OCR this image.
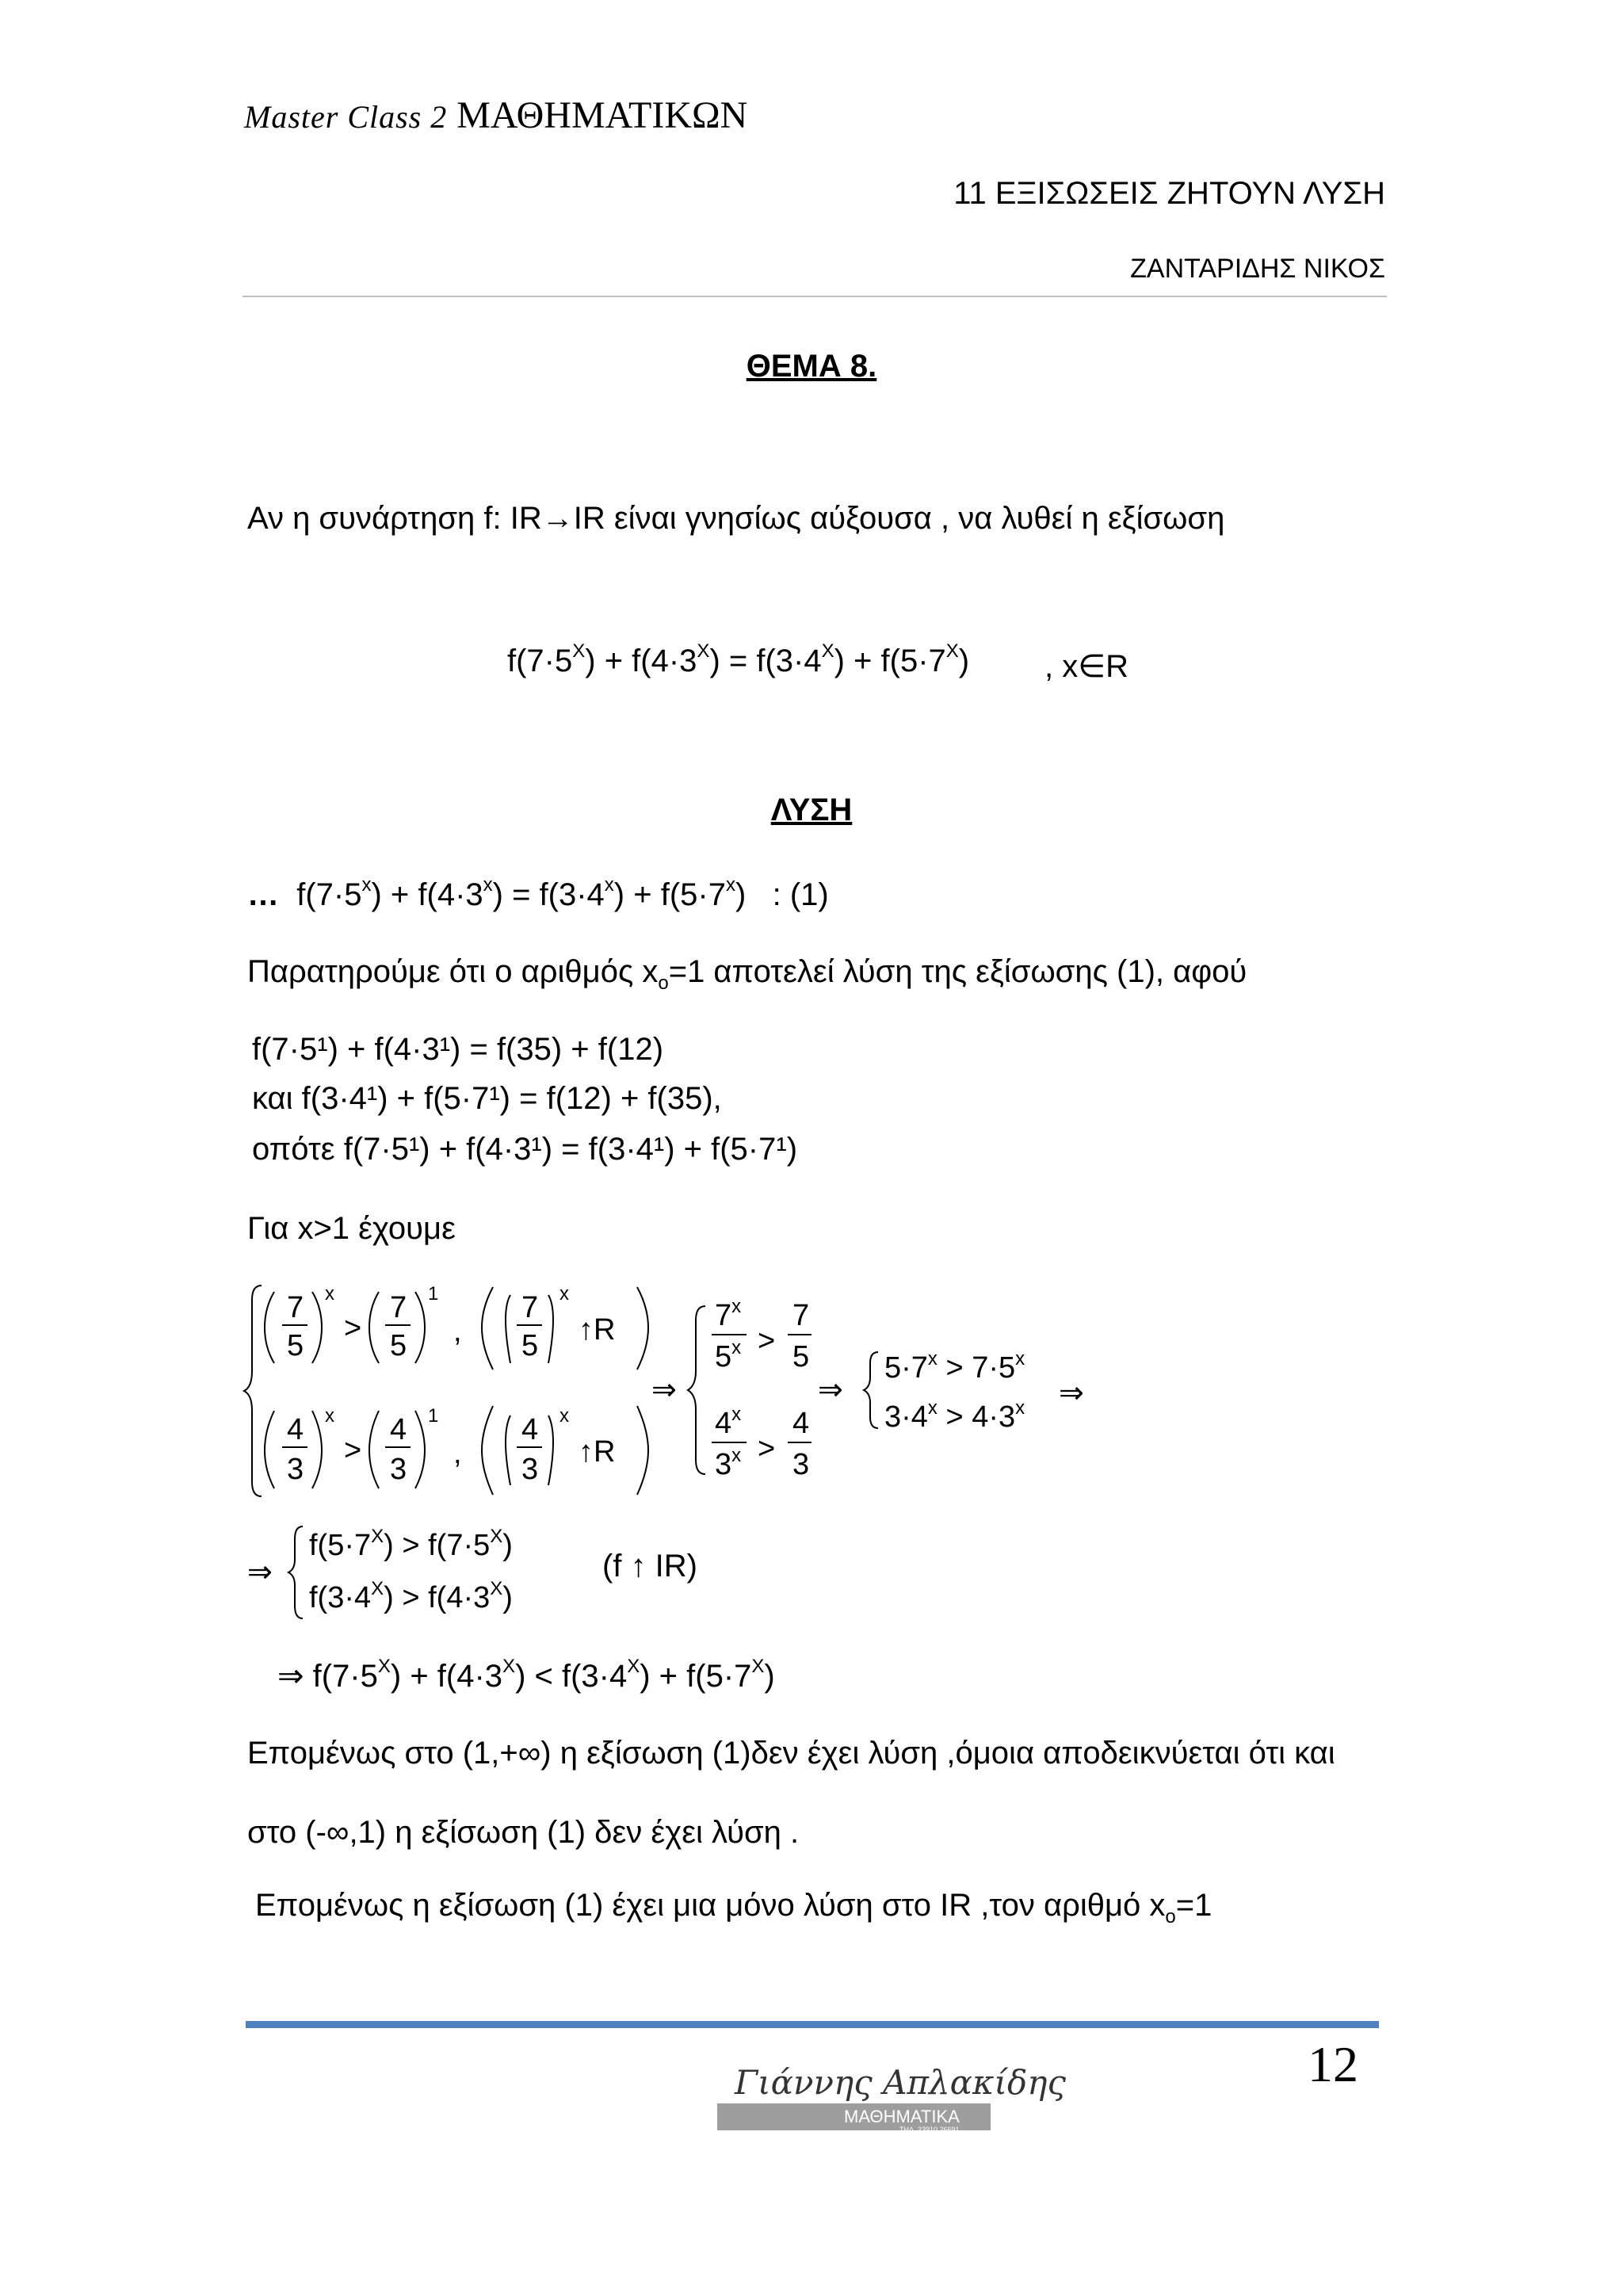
Master Class 2 ΜΑΘΗΜΑΤΙΚΩΝ
11 ΕΞΙΣΩΣΕΙΣ ΖΗΤΟΥΝ ΛΥΣΗ
ΖΑΝΤΑΡΙΔΗΣ ΝΙΚΟΣ
ΘΕΜΑ 8.
Αν η συνάρτηση f: IR→IR είναι γνησίως αύξουσα , να λυθεί η εξίσωση
$f(7\cdot 5^X) + f(4\cdot 3^X) = f(3\cdot 4^X) + f(5\cdot 7^X)$ , x∈R
ΛΥΣΗ
…  $f(7\cdot 5^x) + f(4\cdot 3^x) = f(3\cdot 4^x) + f(5\cdot 7^x)$   : (1)
Παρατηρούμε ότι ο αριθμός $x_o=1$ αποτελεί λύση της εξίσωσης (1), αφού
f(7·5¹) + f(4·3¹) = f(35) + f(12)
και f(3·4¹) + f(5·7¹) = f(12) + f(35),
οπότε f(7·5¹) + f(4·3¹) = f(3·4¹) + f(5·7¹)
Για x>1 έχουμε
7
5
x
>
7
5
1
,
7
5
x
↑R
4
3
x
>
4
3
1
,
4
3
x
↑R
⇒
7$^x$
$5^x$ >
7
5
4$^x$
$3^x$ >
4
3
⇒
$5\cdot 7^x > 7\cdot 5^x$
$3\cdot 4^x > 4\cdot 3^x$ ⇒
⇒
$f(5\cdot 7^X) > f(7\cdot 5^X)$
$f(3\cdot 4^X) > f(4\cdot 3^X)$
(f ↑ IR)
⇒ $f(7\cdot 5^X) + f(4\cdot 3^X) < f(3\cdot 4^X) + f(5\cdot 7^X)$
Επομένως στο (1,+∞) η εξίσωση (1)δεν έχει λύση ,όμοια αποδεικνύεται ότι και
στο (-∞,1) η εξίσωση (1) δεν έχει λύση .
Επομένως η εξίσωση (1) έχει μια μόνο λύση στο IR ,τον αριθμό $x_o=1$
12
Γιάννης Απλακίδης
ΜΑΘΗΜΑΤΙΚΑ
ΤΗΛ. 23910 26691
